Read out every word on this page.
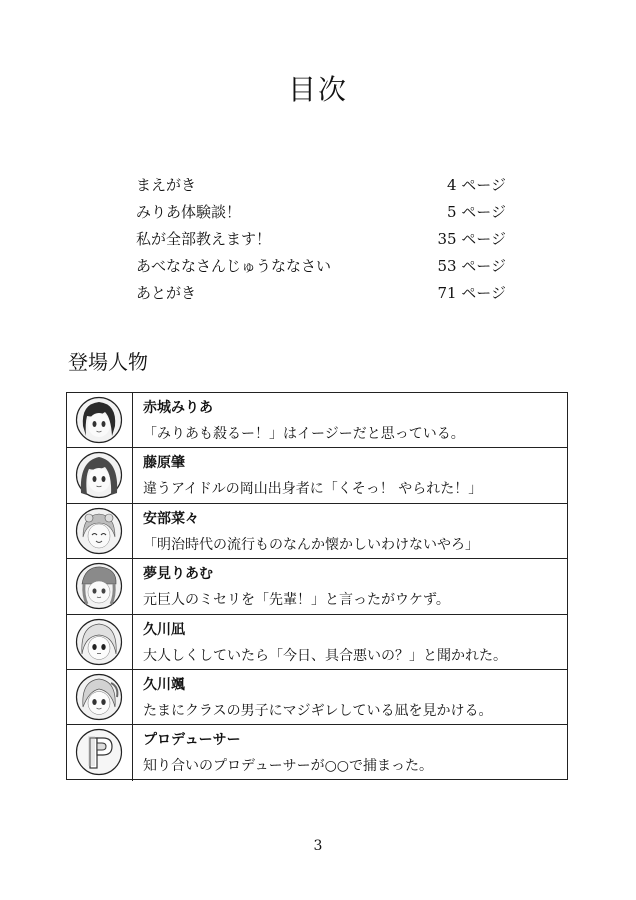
目次
まえがき	4 ページ
みりあ体験談！	5 ページ
私が全部教えます！	35 ページ
あべななさんじゅうななさい	53 ページ
あとがき	71 ページ
登場人物
赤城みりあ
「みりあも殺るー！」はイージーだと思っている。
藤原肇
違うアイドルの岡山出身者に「くそっ！ やられた！」
安部菜々
「明治時代の流行ものなんか懐かしいわけないやろ」
夢見りあむ
元巨人のミセリを「先輩！」と言ったがウケず。
久川凪
大人しくしていたら「今日、具合悪いの？」と聞かれた。
久川颯
たまにクラスの男子にマジギレしている凪を見かける。
プロデューサー
知り合いのプロデューサーが○○で捕まった。
3
